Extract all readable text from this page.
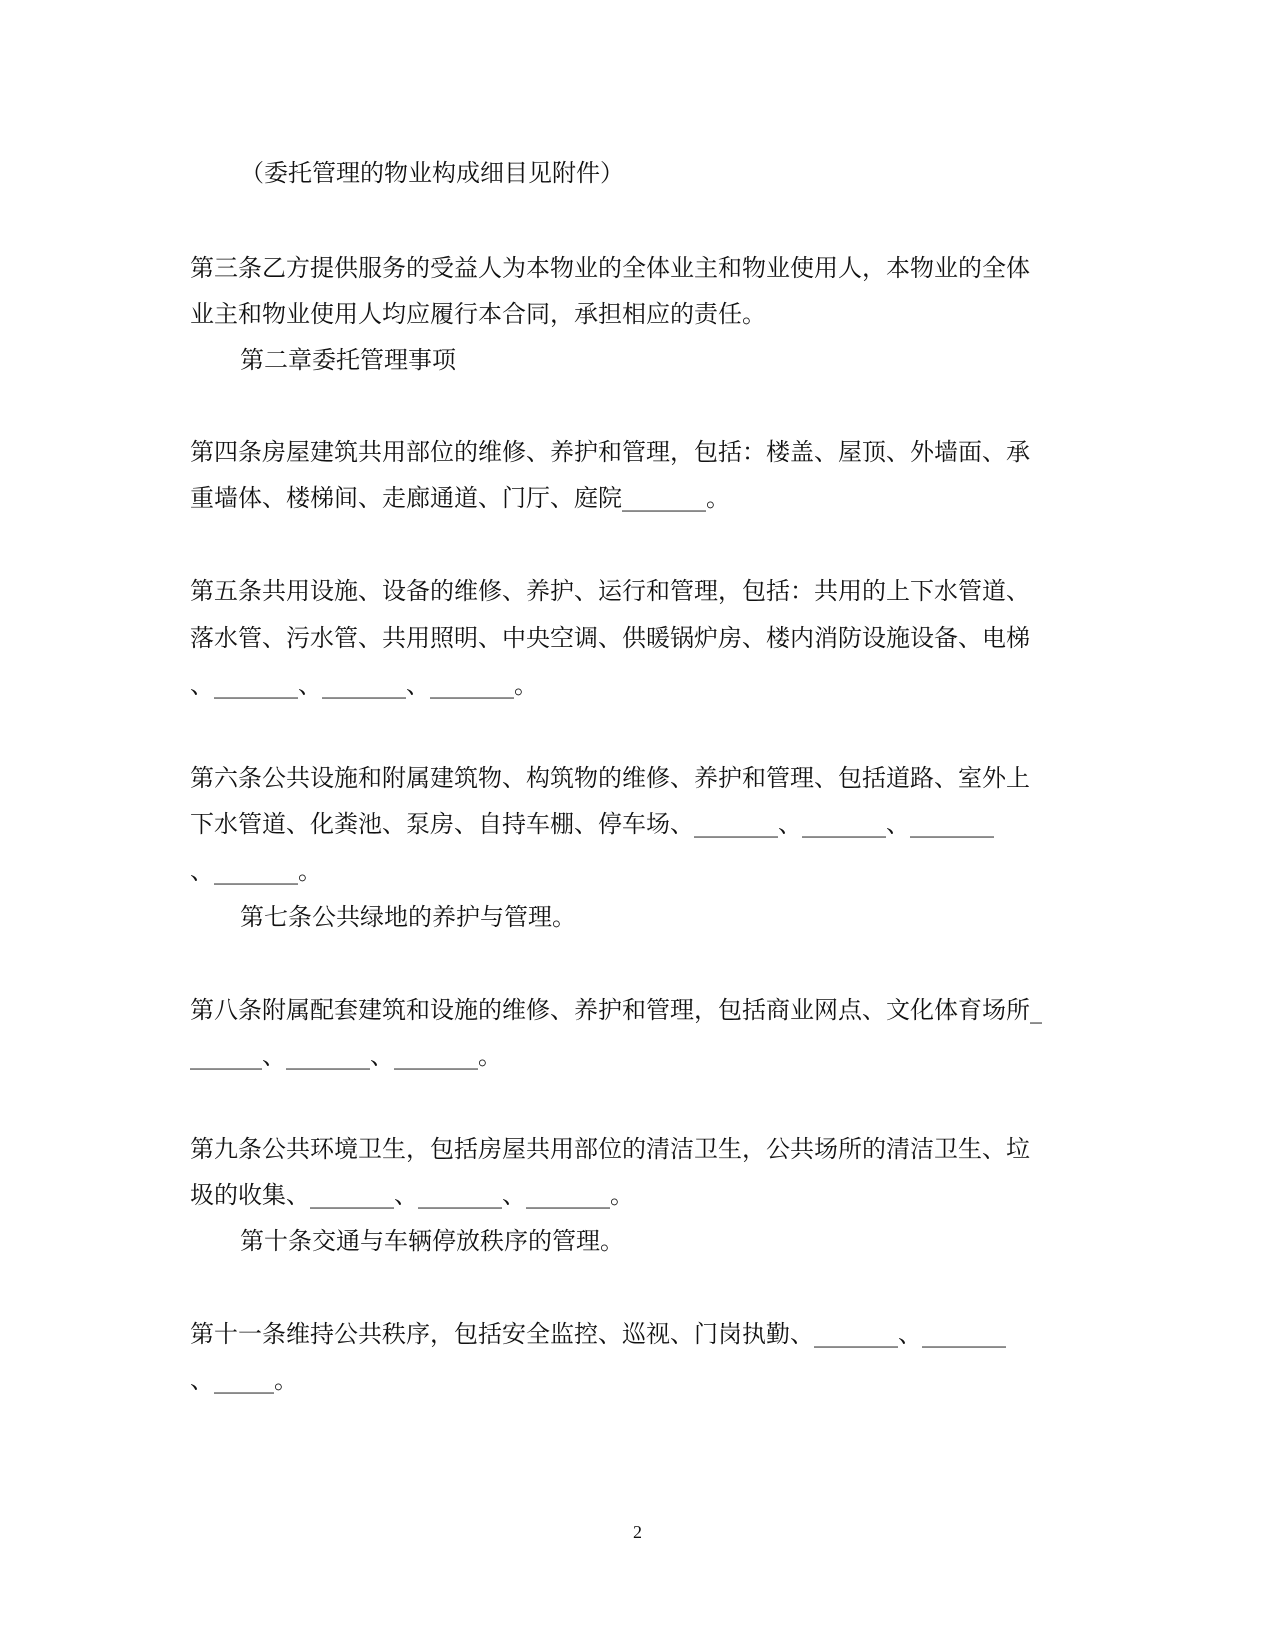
（委托管理的物业构成细目见附件）
第三条乙方提供服务的受益人为本物业的全体业主和物业使用人，本物业的全体
业主和物业使用人均应履行本合同，承担相应的责任。
第二章委托管理事项
第四条房屋建筑共用部位的维修、养护和管理，包括：楼盖、屋顶、外墙面、承
重墙体、楼梯间、走廊通道、门厅、庭院_______。
第五条共用设施、设备的维修、养护、运行和管理，包括：共用的上下水管道、
落水管、污水管、共用照明、中央空调、供暖锅炉房、楼内消防设施设备、电梯
、_______、_______、_______。
第六条公共设施和附属建筑物、构筑物的维修、养护和管理、包括道路、室外上
下水管道、化粪池、泵房、自持车棚、停车场、_______、_______、_______
、_______。
第七条公共绿地的养护与管理。
第八条附属配套建筑和设施的维修、养护和管理，包括商业网点、文化体育场所_
______、_______、_______。
第九条公共环境卫生，包括房屋共用部位的清洁卫生，公共场所的清洁卫生、垃
圾的收集、_______、_______、_______。
第十条交通与车辆停放秩序的管理。
第十一条维持公共秩序，包括安全监控、巡视、门岗执勤、_______、_______
、_____。
2
